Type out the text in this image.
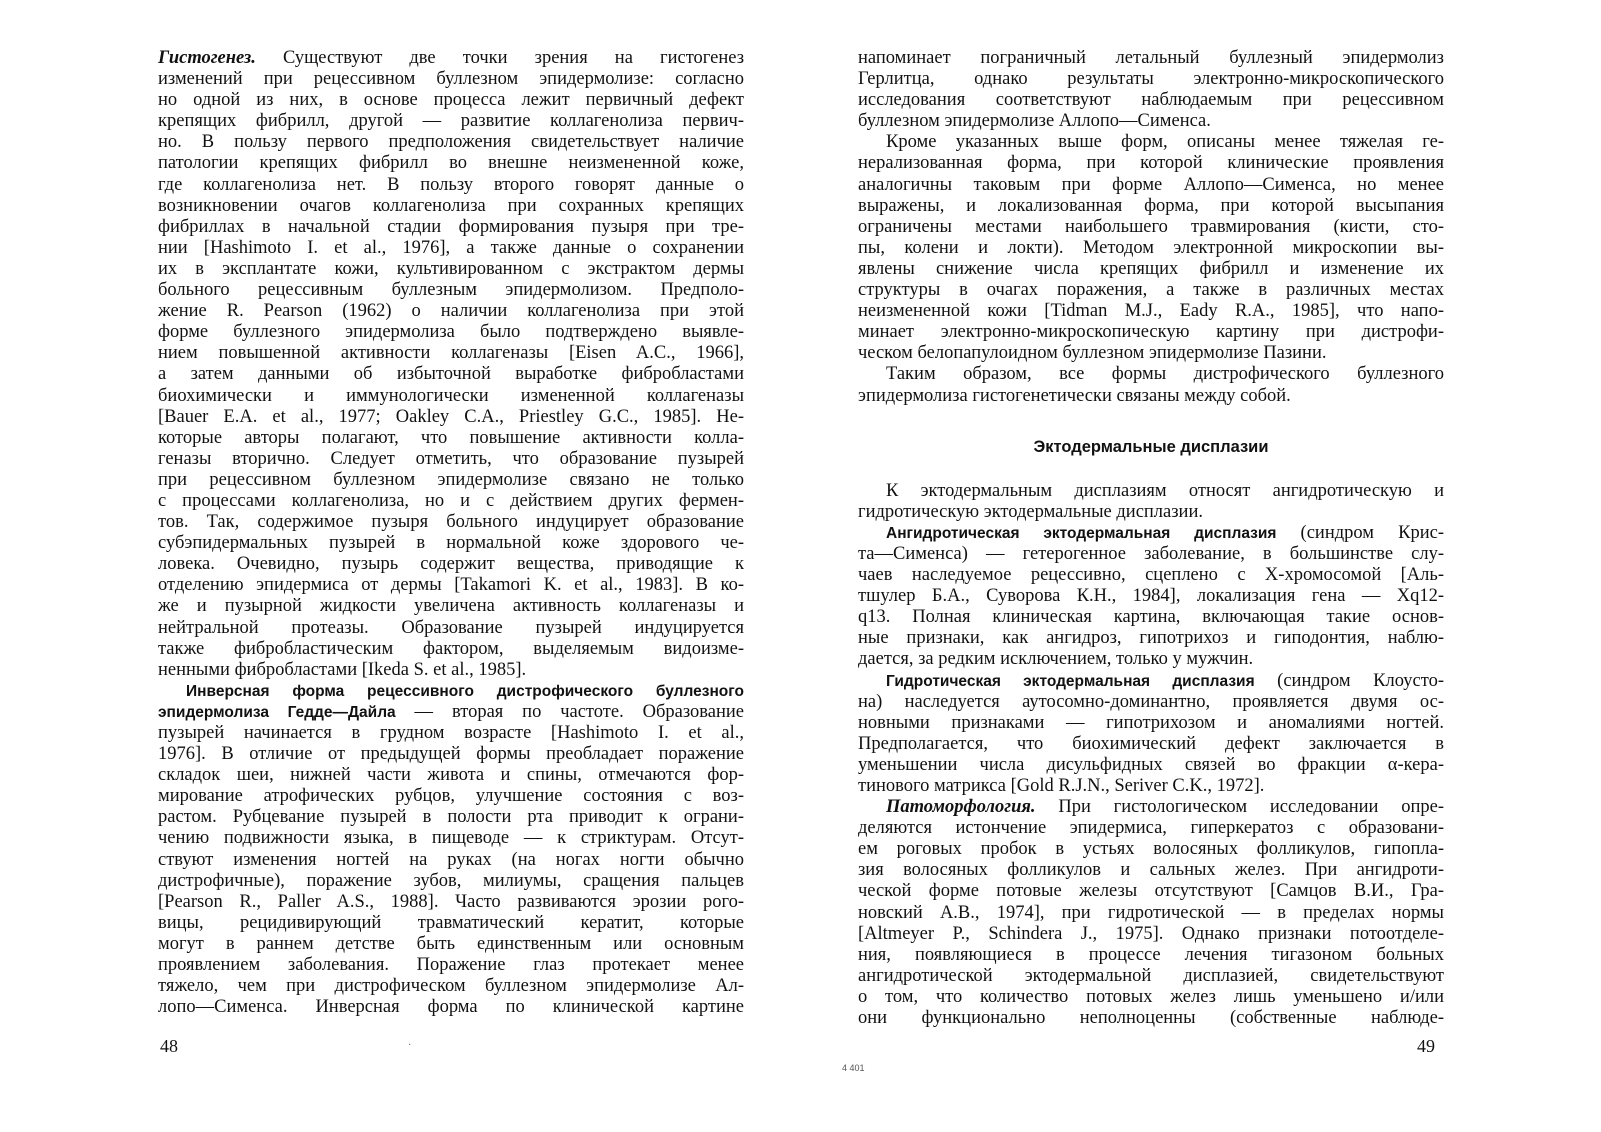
Гистогенез. Существуют две точки зрения на гистогенез
изменений при рецессивном буллезном эпидермолизе: согласно
но одной из них, в основе процесса лежит первичный дефект
крепящих фибрилл, другой — развитие коллагенолиза первич-
но. В пользу первого предположения свидетельствует наличие
патологии крепящих фибрилл во внешне неизмененной коже,
где коллагенолиза нет. В пользу второго говорят данные о
возникновении очагов коллагенолиза при сохранных крепящих
фибриллах в начальной стадии формирования пузыря при тре-
нии [Hashimoto I. et al., 1976], а также данные о сохранении
их в эксплантате кожи, культивированном с экстрактом дермы
больного рецессивным буллезным эпидермолизом. Предполо-
жение R. Pearson (1962) о наличии коллагенолиза при этой
форме буллезного эпидермолиза было подтверждено выявле-
нием повышенной активности коллагеназы [Eisen A.C., 1966],
а затем данными об избыточной выработке фибробластами
биохимически и иммунологически измененной коллагеназы
[Bauer E.A. et al., 1977; Oakley C.A., Priestley G.C., 1985]. Не-
которые авторы полагают, что повышение активности колла-
геназы вторично. Следует отметить, что образование пузырей
при рецессивном буллезном эпидермолизе связано не только
с процессами коллагенолиза, но и с действием других фермен-
тов. Так, содержимое пузыря больного индуцирует образование
субэпидермальных пузырей в нормальной коже здорового че-
ловека. Очевидно, пузырь содержит вещества, приводящие к
отделению эпидермиса от дермы [Takamori K. et al., 1983]. В ко-
же и пузырной жидкости увеличена активность коллагеназы и
нейтральной протеазы. Образование пузырей индуцируется
также фибробластическим фактором, выделяемым видоизме-
ненными фибробластами [Ikeda S. et al., 1985].
Инверсная форма рецессивного дистрофического буллезного
эпидермолиза Гедде—Дайла — вторая по частоте. Образование
пузырей начинается в грудном возрасте [Hashimoto I. et al.,
1976]. В отличие от предыдущей формы преобладает поражение
складок шеи, нижней части живота и спины, отмечаются фор-
мирование атрофических рубцов, улучшение состояния с воз-
растом. Рубцевание пузырей в полости рта приводит к ограни-
чению подвижности языка, в пищеводе — к стриктурам. Отсут-
ствуют изменения ногтей на руках (на ногах ногти обычно
дистрофичные), поражение зубов, милиумы, сращения пальцев
[Pearson R., Paller A.S., 1988]. Часто развиваются эрозии рого-
вицы, рецидивирующий травматический кератит, которые
могут в раннем детстве быть единственным или основным
проявлением заболевания. Поражение глаз протекает менее
тяжело, чем при дистрофическом буллезном эпидермолизе Ал-
лопо—Сименса. Инверсная форма по клинической картине
напоминает пограничный летальный буллезный эпидермолиз
Герлитца, однако результаты электронно-микроскопического
исследования соответствуют наблюдаемым при рецессивном
буллезном эпидермолизе Аллопо—Сименса.
Кроме указанных выше форм, описаны менее тяжелая ге-
нерализованная форма, при которой клинические проявления
аналогичны таковым при форме Аллопо—Сименса, но менее
выражены, и локализованная форма, при которой высыпания
ограничены местами наибольшего травмирования (кисти, сто-
пы, колени и локти). Методом электронной микроскопии вы-
явлены снижение числа крепящих фибрилл и изменение их
структуры в очагах поражения, а также в различных местах
неизмененной кожи [Tidman M.J., Eady R.A., 1985], что напо-
минает электронно-микроскопическую картину при дистрофи-
ческом белопапулоидном буллезном эпидермолизе Пазини.
Таким образом, все формы дистрофического буллезного
эпидермолиза гистогенетически связаны между собой.
Эктодермальные дисплазии
К эктодермальным дисплазиям относят ангидротическую и
гидротическую эктодермальные дисплазии.
Ангидротическая эктодермальная дисплазия (синдром Крис-
та—Сименса) — гетерогенное заболевание, в большинстве слу-
чаев наследуемое рецессивно, сцеплено с Х-хромосомой [Аль-
тшулер Б.А., Суворова К.Н., 1984], локализация гена — Xq12-
q13. Полная клиническая картина, включающая такие основ-
ные признаки, как ангидроз, гипотрихоз и гиподонтия, наблю-
дается, за редким исключением, только у мужчин.
Гидротическая эктодермальная дисплазия (синдром Клоусто-
на) наследуется аутосомно-доминантно, проявляется двумя ос-
новными признаками — гипотрихозом и аномалиями ногтей.
Предполагается, что биохимический дефект заключается в
уменьшении числа дисульфидных связей во фракции α-кера-
тинового матрикса [Gold R.J.N., Seriver C.K., 1972].
Патоморфология. При гистологическом исследовании опре-
деляются истончение эпидермиса, гиперкератоз с образовани-
ем роговых пробок в устьях волосяных фолликулов, гипопла-
зия волосяных фолликулов и сальных желез. При ангидроти-
ческой форме потовые железы отсутствуют [Самцов В.И., Гра-
новский А.В., 1974], при гидротической — в пределах нормы
[Altmeyer P., Schindera J., 1975]. Однако признаки потоотделе-
ния, появляющиеся в процессе лечения тигазоном больных
ангидротической эктодермальной дисплазией, свидетельствуют
о том, что количество потовых желез лишь уменьшено и/или
они функционально неполноценны (собственные наблюде-
48	49
4 401
·
